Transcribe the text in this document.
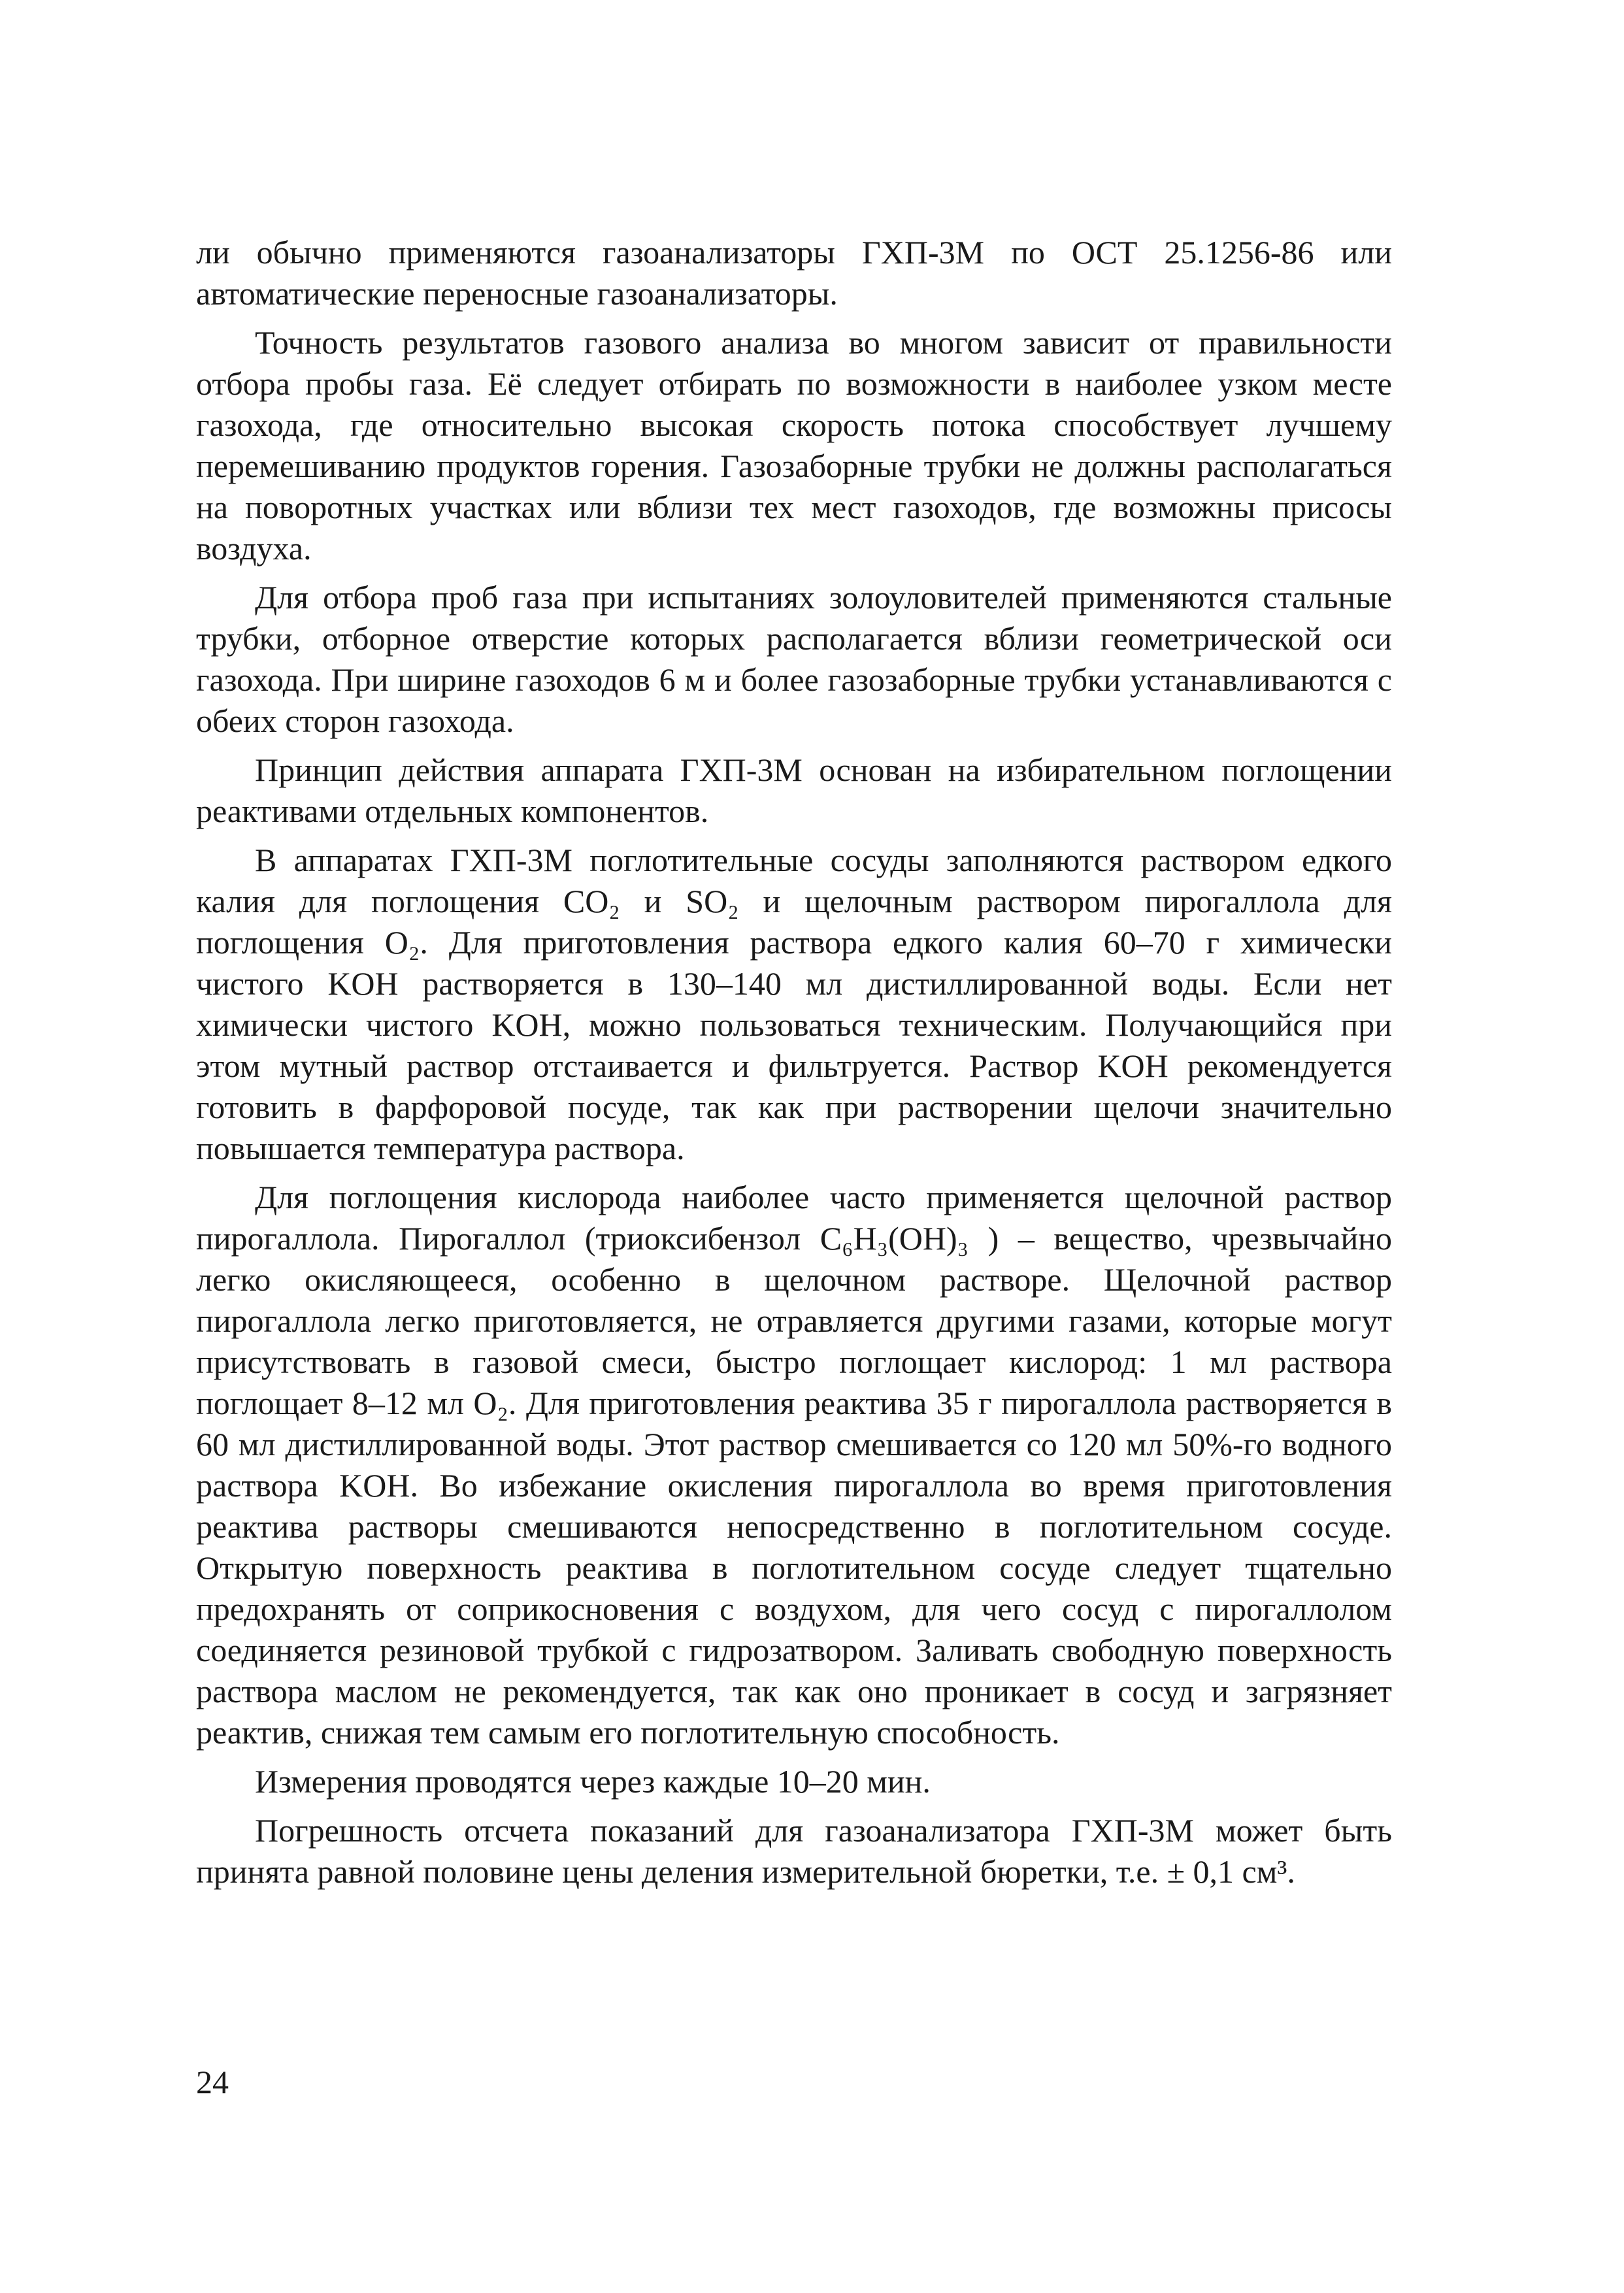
ли обычно применяются газоанализаторы ГХП-3М по ОСТ 25.1256-86 или автоматические переносные газоанализаторы.

Точность результатов газового анализа во многом зависит от правильности отбора пробы газа. Её следует отбирать по возможности в наиболее узком месте газохода, где относительно высокая скорость потока способствует лучшему перемешиванию продуктов горения. Газозаборные трубки не должны располагаться на поворотных участках или вблизи тех мест газоходов, где возможны присосы воздуха.

Для отбора проб газа при испытаниях золоуловителей применяются стальные трубки, отборное отверстие которых располагается вблизи геометрической оси газохода. При ширине газоходов 6 м и более газозаборные трубки устанавливаются с обеих сторон газохода.

Принцип действия аппарата ГХП-3М основан на избирательном поглощении реактивами отдельных компонентов.

В аппаратах ГХП-3М поглотительные сосуды заполняются раствором едкого калия для поглощения CO₂ и SO₂ и щелочным раствором пирогаллола для поглощения O₂. Для приготовления раствора едкого калия 60–70 г химически чистого KOH растворяется в 130–140 мл дистиллированной воды. Если нет химически чистого KOH, можно пользоваться техническим. Получающийся при этом мутный раствор отстаивается и фильтруется. Раствор KOH рекомендуется готовить в фарфоровой посуде, так как при растворении щелочи значительно повышается температура раствора.

Для поглощения кислорода наиболее часто применяется щелочной раствор пирогаллола. Пирогаллол (триоксибензол C₆H₃(OH)₃ ) – вещество, чрезвычайно легко окисляющееся, особенно в щелочном растворе. Щелочной раствор пирогаллола легко приготовляется, не отравляется другими газами, которые могут присутствовать в газовой смеси, быстро поглощает кислород: 1 мл раствора поглощает 8–12 мл O₂. Для приготовления реактива 35 г пирогаллола растворяется в 60 мл дистиллированной воды. Этот раствор смешивается со 120 мл 50%-го водного раствора KOH. Во избежание окисления пирогаллола во время приготовления реактива растворы смешиваются непосредственно в поглотительном сосуде. Открытую поверхность реактива в поглотительном сосуде следует тщательно предохранять от соприкосновения с воздухом, для чего сосуд с пирогаллолом соединяется резиновой трубкой с гидрозатвором. Заливать свободную поверхность раствора маслом не рекомендуется, так как оно проникает в сосуд и загрязняет реактив, снижая тем самым его поглотительную способность.

Измерения проводятся через каждые 10–20 мин.

Погрешность отсчета показаний для газоанализатора ГХП-3М может быть принята равной половине цены деления измерительной бюретки, т.е. ± 0,1 см³.

24
